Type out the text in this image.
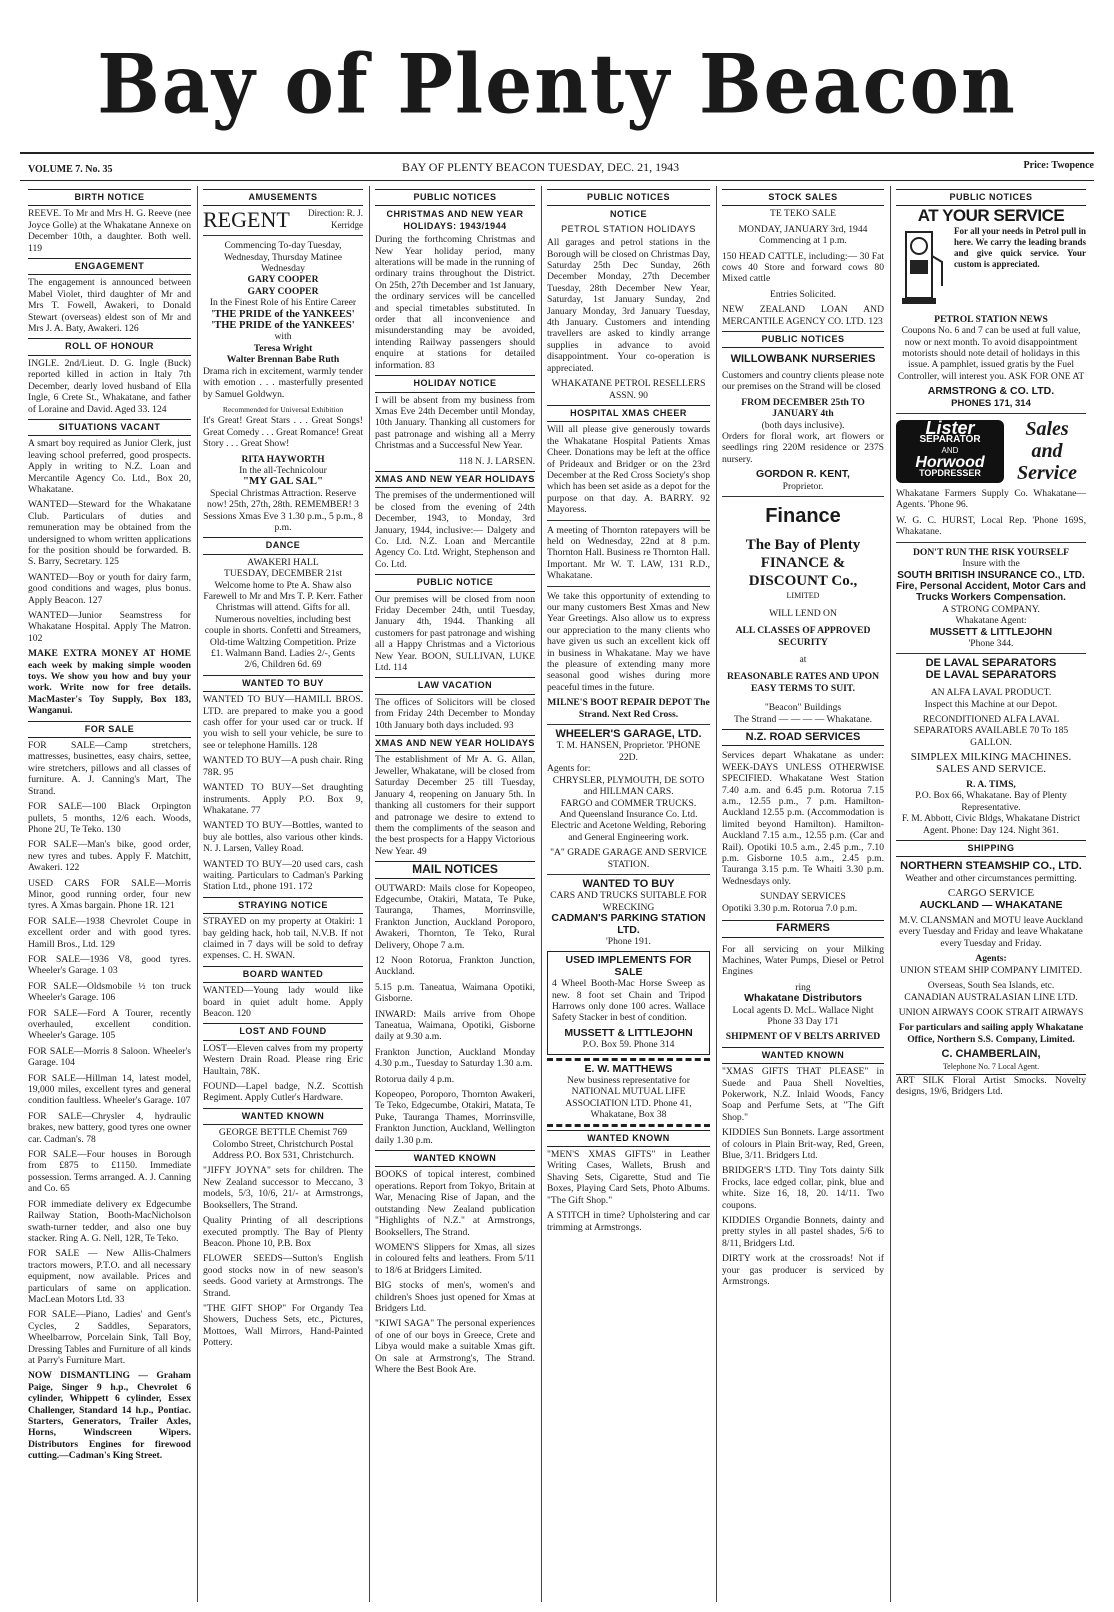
Bay of Plenty Beacon
VOLUME 7. No. 35	BAY OF PLENTY BEACON TUESDAY, DEC. 21, 1943	Price: Twopence
BIRTH NOTICE
REEVE. To Mr and Mrs H. G. Reeve (nee Joyce Golle) at the Whakatane Annexe on December 10th, a daughter. Both well. 119
ENGAGEMENT
The engagement is announced between Mabel Violet, third daughter of Mr and Mrs T. Fowell, Awakeri, to Donald Stewart (overseas) eldest son of Mr and Mrs J. A. Baty, Awakeri. 126
ROLL OF HONOUR
INGLE. 2nd/Lieut. D. G. Ingle (Buck) reported killed in action in Italy 7th December, dearly loved husband of Ella Ingle, 6 Crete St., Whakatane, and father of Loraine and David. Aged 33. 124
SITUATIONS VACANT
A smart boy required as Junior Clerk, just leaving school preferred, good prospects. Apply in writing to N.Z. Loan and Mercantile Agency Co. Ltd., Box 20, Whakatane.
WANTED—Steward for the Whakatane Club. Particulars of duties and remuneration may be obtained from the undersigned to whom written applications for the position should be forwarded. B. S. Barry, Secretary. 125
WANTED—Boy or youth for dairy farm, good conditions and wages, plus bonus. Apply Beacon. 127
WANTED—Junior Seamstress for Whakatane Hospital. Apply The Matron. 102
MAKE EXTRA MONEY AT HOME each week by making simple wooden toys. We show you how and buy your work. Write now for free details. MacMaster's Toy Supply, Box 183, Wanganui.
FOR SALE
FOR SALE—Camp stretchers, mattresses, businettes, easy chairs, settee, wire stretchers, pillows and all classes of furniture. A. J. Canning's Mart, The Strand.
FOR SALE—100 Black Orpington pullets, 5 months, 12/6 each. Woods, Phone 2U, Te Teko. 130
FOR SALE—Man's bike, good order, new tyres and tubes. Apply F. Matchitt, Awakeri. 122
USED CARS FOR SALE—Morris Minor, good running order, four new tyres. A Xmas bargain. Phone 1R. 121
FOR SALE—1938 Chevrolet Coupe in excellent order and with good tyres. Hamill Bros., Ltd. 129
FOR SALE—1936 V8, good tyres. Wheeler's Garage. 1 03
FOR SALE—Oldsmobile ½ ton truck Wheeler's Garage. 106
FOR SALE—Ford A Tourer, recently overhauled, excellent condition. Wheeler's Garage. 105
FOR SALE—Morris 8 Saloon. Wheeler's Garage. 104
FOR SALE—Hillman 14, latest model, 19,000 miles, excellent tyres and general condition faultless. Wheeler's Garage. 107
FOR SALE—Chrysler 4, hydraulic brakes, new battery, good tyres one owner car. Cadman's. 78
FOR SALE—Four houses in Borough from £875 to £1150. Immediate possession. Terms arranged. A. J. Canning and Co. 65
FOR immediate delivery ex Edgecumbe Railway Station, Booth-MacNicholson swath-turner tedder, and also one buy stacker. Ring A. G. Nell, 12R, Te Teko.
FOR SALE — New Allis-Chalmers tractors mowers, P.T.O. and all necessary equipment, now available. Prices and particulars of same on application. MacLean Motors Ltd. 33
FOR SALE—Piano, Ladies' and Gent's Cycles, 2 Saddles, Separators, Wheelbarrow, Porcelain Sink, Tall Boy, Dressing Tables and Furniture of all kinds at Parry's Furniture Mart.
NOW DISMANTLING — Graham Paige, Singer 9 h.p., Chevrolet 6 cylinder, Whippett 6 cylinder, Essex Challenger, Standard 14 h.p., Pontiac. Starters, Generators, Trailer Axles, Horns, Windscreen Wipers. Distributors Engines for firewood cutting.—Cadman's King Street.
AMUSEMENTS
REGENT	Direction: R. J. Kerridge
Commencing To-day Tuesday, Wednesday, Thursday Matinee Wednesday
GARY COOPER
GARY COOPER
In the Finest Role of his Entire Career
'THE PRIDE of the YANKEES'
'THE PRIDE of the YANKEES'
with
Teresa Wright
Walter Brennan Babe Ruth
Drama rich in excitement, warmly tender with emotion . . . masterfully presented by Samuel Goldwyn.
Recommended for Universal Exhibition
It's Great! Great Stars . . . Great Songs! Great Comedy . . . Great Romance! Great Story . . . Great Show!
RITA HAYWORTH
In the all-Technicolour
"MY GAL SAL"
Special Christmas Attraction. Reserve now! 25th, 27th, 28th. REMEMBER! 3 Sessions Xmas Eve 3 1.30 p.m., 5 p.m., 8 p.m.
DANCE
AWAKERI HALL
TUESDAY, DECEMBER 21st
Welcome home to Pte A. Shaw also Farewell to Mr and Mrs T. P. Kerr. Father Christmas will attend. Gifts for all. Numerous novelties, including best couple in shorts. Confetti and Streamers, Old-time Waltzing Competition. Prize £1. Walmann Band. Ladies 2/-, Gents 2/6, Children 6d. 69
WANTED TO BUY
WANTED TO BUY—HAMILL BROS. LTD. are prepared to make you a good cash offer for your used car or truck. If you wish to sell your vehicle, be sure to see or telephone Hamills. 128
WANTED TO BUY—A push chair. Ring 78R. 95
WANTED TO BUY—Set draughting instruments. Apply P.O. Box 9, Whakatane. 77
WANTED TO BUY—Bottles, wanted to buy ale bottles, also various other kinds. N. J. Larsen, Valley Road.
WANTED TO BUY—20 used cars, cash waiting. Particulars to Cadman's Parking Station Ltd., phone 191. 172
STRAYING NOTICE
STRAYED on my property at Otakiri: 1 bay gelding hack, hob tail, N.V.B. If not claimed in 7 days will be sold to defray expenses. C. H. SWAN.
BOARD WANTED
WANTED—Young lady would like board in quiet adult home. Apply Beacon. 120
LOST AND FOUND
LOST—Eleven calves from my property Western Drain Road. Please ring Eric Haultain, 78K.
FOUND—Lapel badge, N.Z. Scottish Regiment. Apply Cutler's Hardware.
WANTED KNOWN
GEORGE BETTLE Chemist 769 Colombo Street, Christchurch Postal Address P.O. Box 531, Christchurch.
"JIFFY JOYNA" sets for children. The New Zealand successor to Meccano, 3 models, 5/3, 10/6, 21/- at Armstrongs, Booksellers, The Strand.
Quality Printing of all descriptions executed promptly. The Bay of Plenty Beacon. Phone 10, P.B. Box
FLOWER SEEDS—Sutton's English good stocks now in of new season's seeds. Good variety at Armstrongs. The Strand.
"THE GIFT SHOP" For Organdy Tea Showers, Duchess Sets, etc., Pictures, Mottoes, Wall Mirrors, Hand-Painted Pottery.
PUBLIC NOTICES
CHRISTMAS AND NEW YEAR HOLIDAYS: 1943/1944
During the forthcoming Christmas and New Year holiday period, many alterations will be made in the running of ordinary trains throughout the District. On 25th, 27th December and 1st January, the ordinary services will be cancelled and special timetables substituted. In order that all inconvenience and misunderstanding may be avoided, intending Railway passengers should enquire at stations for detailed information. 83
HOLIDAY NOTICE
I will be absent from my business from Xmas Eve 24th December until Monday, 10th January. Thanking all customers for past patronage and wishing all a Merry Christmas and a Successful New Year.
118 N. J. LARSEN.
XMAS AND NEW YEAR HOLIDAYS
The premises of the undermentioned will be closed from the evening of 24th December, 1943, to Monday, 3rd January, 1944, inclusive:— Dalgety and Co. Ltd. N.Z. Loan and Mercantile Agency Co. Ltd. Wright, Stephenson and Co. Ltd.
PUBLIC NOTICE
Our premises will be closed from noon Friday December 24th, until Tuesday, January 4th, 1944. Thanking all customers for past patronage and wishing all a Happy Christmas and a Victorious New Year. BOON, SULLIVAN, LUKE Ltd. 114
LAW VACATION
The offices of Solicitors will be closed from Friday 24th December to Monday 10th January both days included. 93
XMAS AND NEW YEAR HOLIDAYS
The establishment of Mr A. G. Allan, Jeweller, Whakatane, will be closed from Saturday December 25 till Tuesday, January 4, reopening on January 5th. In thanking all customers for their support and patronage we desire to extend to them the compliments of the season and the best prospects for a Happy Victorious New Year. 49
MAIL NOTICES
OUTWARD: Mails close for Kopeopeo, Edgecumbe, Otakiri, Matata, Te Puke, Tauranga, Thames, Morrinsville, Frankton Junction, Auckland Poroporo, Awakeri, Thornton, Te Teko, Rural Delivery, Ohope 7 a.m.
12 Noon Rotorua, Frankton Junction, Auckland.
5.15 p.m. Taneatua, Waimana Opotiki, Gisborne.
INWARD: Mails arrive from Ohope Taneatua, Waimana, Opotiki, Gisborne daily at 9.30 a.m.
Frankton Junction, Auckland Monday 4.30 p.m., Tuesday to Saturday 1.30 a.m.
Rotorua daily 4 p.m.
Kopeopeo, Poroporo, Thornton Awakeri, Te Teko, Edgecumbe, Otakiri, Matata, Te Puke, Tauranga Thames, Morrinsville, Frankton Junction, Auckland, Wellington daily 1.30 p.m.
WANTED KNOWN
BOOKS of topical interest, combined operations. Report from Tokyo, Britain at War, Menacing Rise of Japan, and the outstanding New Zealand publication "Highlights of N.Z." at Armstrongs, Booksellers, The Strand.
WOMEN'S Slippers for Xmas, all sizes in coloured felts and leathers. From 5/11 to 18/6 at Bridgers Limited.
BIG stocks of men's, women's and children's Shoes just opened for Xmas at Bridgers Ltd.
"KIWI SAGA" The personal experiences of one of our boys in Greece, Crete and Libya would make a suitable Xmas gift. On sale at Armstrong's, The Strand. Where the Best Book Are.
PUBLIC NOTICES
NOTICE
PETROL STATION HOLIDAYS
All garages and petrol stations in the Borough will be closed on Christmas Day, Saturday 25th Dec Sunday, 26th December Monday, 27th December Tuesday, 28th December New Year, Saturday, 1st January Sunday, 2nd January Monday, 3rd January Tuesday, 4th January. Customers and intending travellers are asked to kindly arrange supplies in advance to avoid disappointment. Your co-operation is appreciated.
WHAKATANE PETROL RESELLERS ASSN. 90
HOSPITAL XMAS CHEER
Will all please give generously towards the Whakatane Hospital Patients Xmas Cheer. Donations may be left at the office of Prideaux and Bridger or on the 23rd December at the Red Cross Society's shop which has been set aside as a depot for the purpose on that day. A. BARRY. 92 Mayoress.
A meeting of Thornton ratepayers will be held on Wednesday, 22nd at 8 p.m. Thornton Hall. Business re Thornton Hall. Important. Mr W. T. LAW, 131 R.D., Whakatane.
We take this opportunity of extending to our many customers Best Xmas and New Year Greetings. Also allow us to express our appreciation to the many clients who have given us such an excellent kick off in business in Whakatane. May we have the pleasure of extending many more seasonal good wishes during more peaceful times in the future.
MILNE'S BOOT REPAIR DEPOT The Strand. Next Red Cross.
WHEELER'S GARAGE, LTD.
T. M. HANSEN, Proprietor. 'PHONE 22D.
Agents for:
CHRYSLER, PLYMOUTH, DE SOTO and HILLMAN CARS.
FARGO and COMMER TRUCKS.
And Queensland Insurance Co. Ltd. Electric and Acetone Welding, Reboring and General Engineering work.
"A" GRADE GARAGE AND SERVICE STATION.
WANTED TO BUY
CARS AND TRUCKS SUITABLE FOR WRECKING
CADMAN'S PARKING STATION LTD.
'Phone 191.
USED IMPLEMENTS FOR SALE
4 Wheel Booth-Mac Horse Sweep as new. 8 foot set Chain and Tripod Harrows only done 100 acres. Wallace Safety Stacker in best of condition.
MUSSETT & LITTLEJOHN
P.O. Box 59. Phone 314
E. W. MATTHEWS
New business representative for NATIONAL MUTUAL LIFE ASSOCIATION LTD. Phone 41, Whakatane, Box 38
WANTED KNOWN
"MEN'S XMAS GIFTS" in Leather Writing Cases, Wallets, Brush and Shaving Sets, Cigarette, Stud and Tie Boxes, Playing Card Sets, Photo Albums. "The Gift Shop."
A STITCH in time? Upholstering and car trimming at Armstrongs.
STOCK SALES
TE TEKO SALE
MONDAY, JANUARY 3rd, 1944
Commencing at 1 p.m.
150 HEAD CATTLE, including:— 30 Fat cows 40 Store and forward cows 80 Mixed cattle
Entries Solicited.
NEW ZEALAND LOAN AND MERCANTILE AGENCY CO. LTD. 123
PUBLIC NOTICES
WILLOWBANK NURSERIES
Customers and country clients please note our premises on the Strand will be closed
FROM DECEMBER 25th TO JANUARY 4th
(both days inclusive).
Orders for floral work, art flowers or seedlings ring 220M residence or 237S nursery.
GORDON R. KENT,
Proprietor.
Finance
The Bay of Plenty
FINANCE & DISCOUNT Co.,
LIMITED
WILL LEND ON
ALL CLASSES OF APPROVED SECURITY
at
REASONABLE RATES AND UPON EASY TERMS TO SUIT.
"Beacon" Buildings
The Strand — — — — Whakatane.
N.Z. ROAD SERVICES
Services depart Whakatane as under: WEEK-DAYS UNLESS OTHERWISE SPECIFIED. Whakatane West Station 7.40 a.m. and 6.45 p.m. Rotorua 7.15 a.m., 12.55 p.m., 7 p.m. Hamilton-Auckland 12.55 p.m. (Accommodation is limited beyond Hamilton). Hamilton-Auckland 7.15 a.m., 12.55 p.m. (Car and Rail). Opotiki 10.5 a.m., 2.45 p.m., 7.10 p.m. Gisborne 10.5 a.m., 2.45 p.m. Tauranga 3.15 p.m. Te Whaiti 3.30 p.m. Wednesdays only.
SUNDAY SERVICES
Opotiki 3.30 p.m. Rotorua 7.0 p.m.
FARMERS
For all servicing on your Milking Machines, Water Pumps, Diesel or Petrol Engines
ring
Whakatane Distributors
Local agents D. McL. Wallace Night Phone 33 Day 171
SHIPMENT OF V BELTS ARRIVED
WANTED KNOWN
"XMAS GIFTS THAT PLEASE" in Suede and Paua Shell Novelties, Pokerwork, N.Z. Inlaid Woods, Fancy Soap and Perfume Sets, at "The Gift Shop."
KIDDIES Sun Bonnets. Large assortment of colours in Plain Brit-way, Red, Green, Blue, 3/11. Bridgers Ltd.
BRIDGER'S LTD. Tiny Tots dainty Silk Frocks, lace edged collar, pink, blue and white. Size 16, 18, 20. 14/11. Two coupons.
KIDDIES Organdie Bonnets, dainty and pretty styles in all pastel shades, 5/6 to 8/11, Bridgers Ltd.
DIRTY work at the crossroads! Not if your gas producer is serviced by Armstrongs.
PUBLIC NOTICES
AT YOUR SERVICE
For all your needs in Petrol pull in here. We carry the leading brands and give quick service. Your custom is appreciated.
PETROL STATION NEWS
Coupons No. 6 and 7 can be used at full value, now or next month. To avoid disappointment motorists should note detail of holidays in this issue. A pamphlet, issued gratis by the Fuel Controller, will interest you. ASK FOR ONE AT
ARMSTRONG & CO. LTD.
PHONES 171, 314
Lister
SEPARATOR
AND
Horwood
TOPDRESSER
Sales and Service
Whakatane Farmers Supply Co. Whakatane—Agents. 'Phone 96.
W. G. C. HURST, Local Rep. 'Phone 169S, Whakatane.
DON'T RUN THE RISK YOURSELF
Insure with the
SOUTH BRITISH INSURANCE CO., LTD.
Fire, Personal Accident, Motor Cars and Trucks Workers Compensation.
A STRONG COMPANY.
Whakatane Agent:
MUSSETT & LITTLEJOHN
'Phone 344.
DE LAVAL SEPARATORS
DE LAVAL SEPARATORS
AN ALFA LAVAL PRODUCT.
Inspect this Machine at our Depot.
RECONDITIONED ALFA LAVAL SEPARATORS AVAILABLE 70 To 185 GALLON.
SIMPLEX MILKING MACHINES.
SALES AND SERVICE.
R. A. TIMS,
P.O. Box 66, Whakatane. Bay of Plenty Representative.
F. M. Abbott, Civic Bldgs, Whakatane District Agent. Phone: Day 124. Night 361.
SHIPPING
NORTHERN STEAMSHIP CO., LTD.
Weather and other circumstances permitting.
CARGO SERVICE
AUCKLAND — WHAKATANE
M.V. CLANSMAN and MOTU leave Auckland every Tuesday and Friday and leave Whakatane every Tuesday and Friday.
Agents:
UNION STEAM SHIP COMPANY LIMITED.
Overseas, South Sea Islands, etc.
CANADIAN AUSTRALASIAN LINE LTD.
UNION AIRWAYS COOK STRAIT AIRWAYS
For particulars and sailing apply Whakatane Office, Northern S.S. Company, Limited.
C. CHAMBERLAIN,
Telephone No. 7 Local Agent.
ART SILK Floral Artist Smocks. Novelty designs, 19/6, Bridgers Ltd.
